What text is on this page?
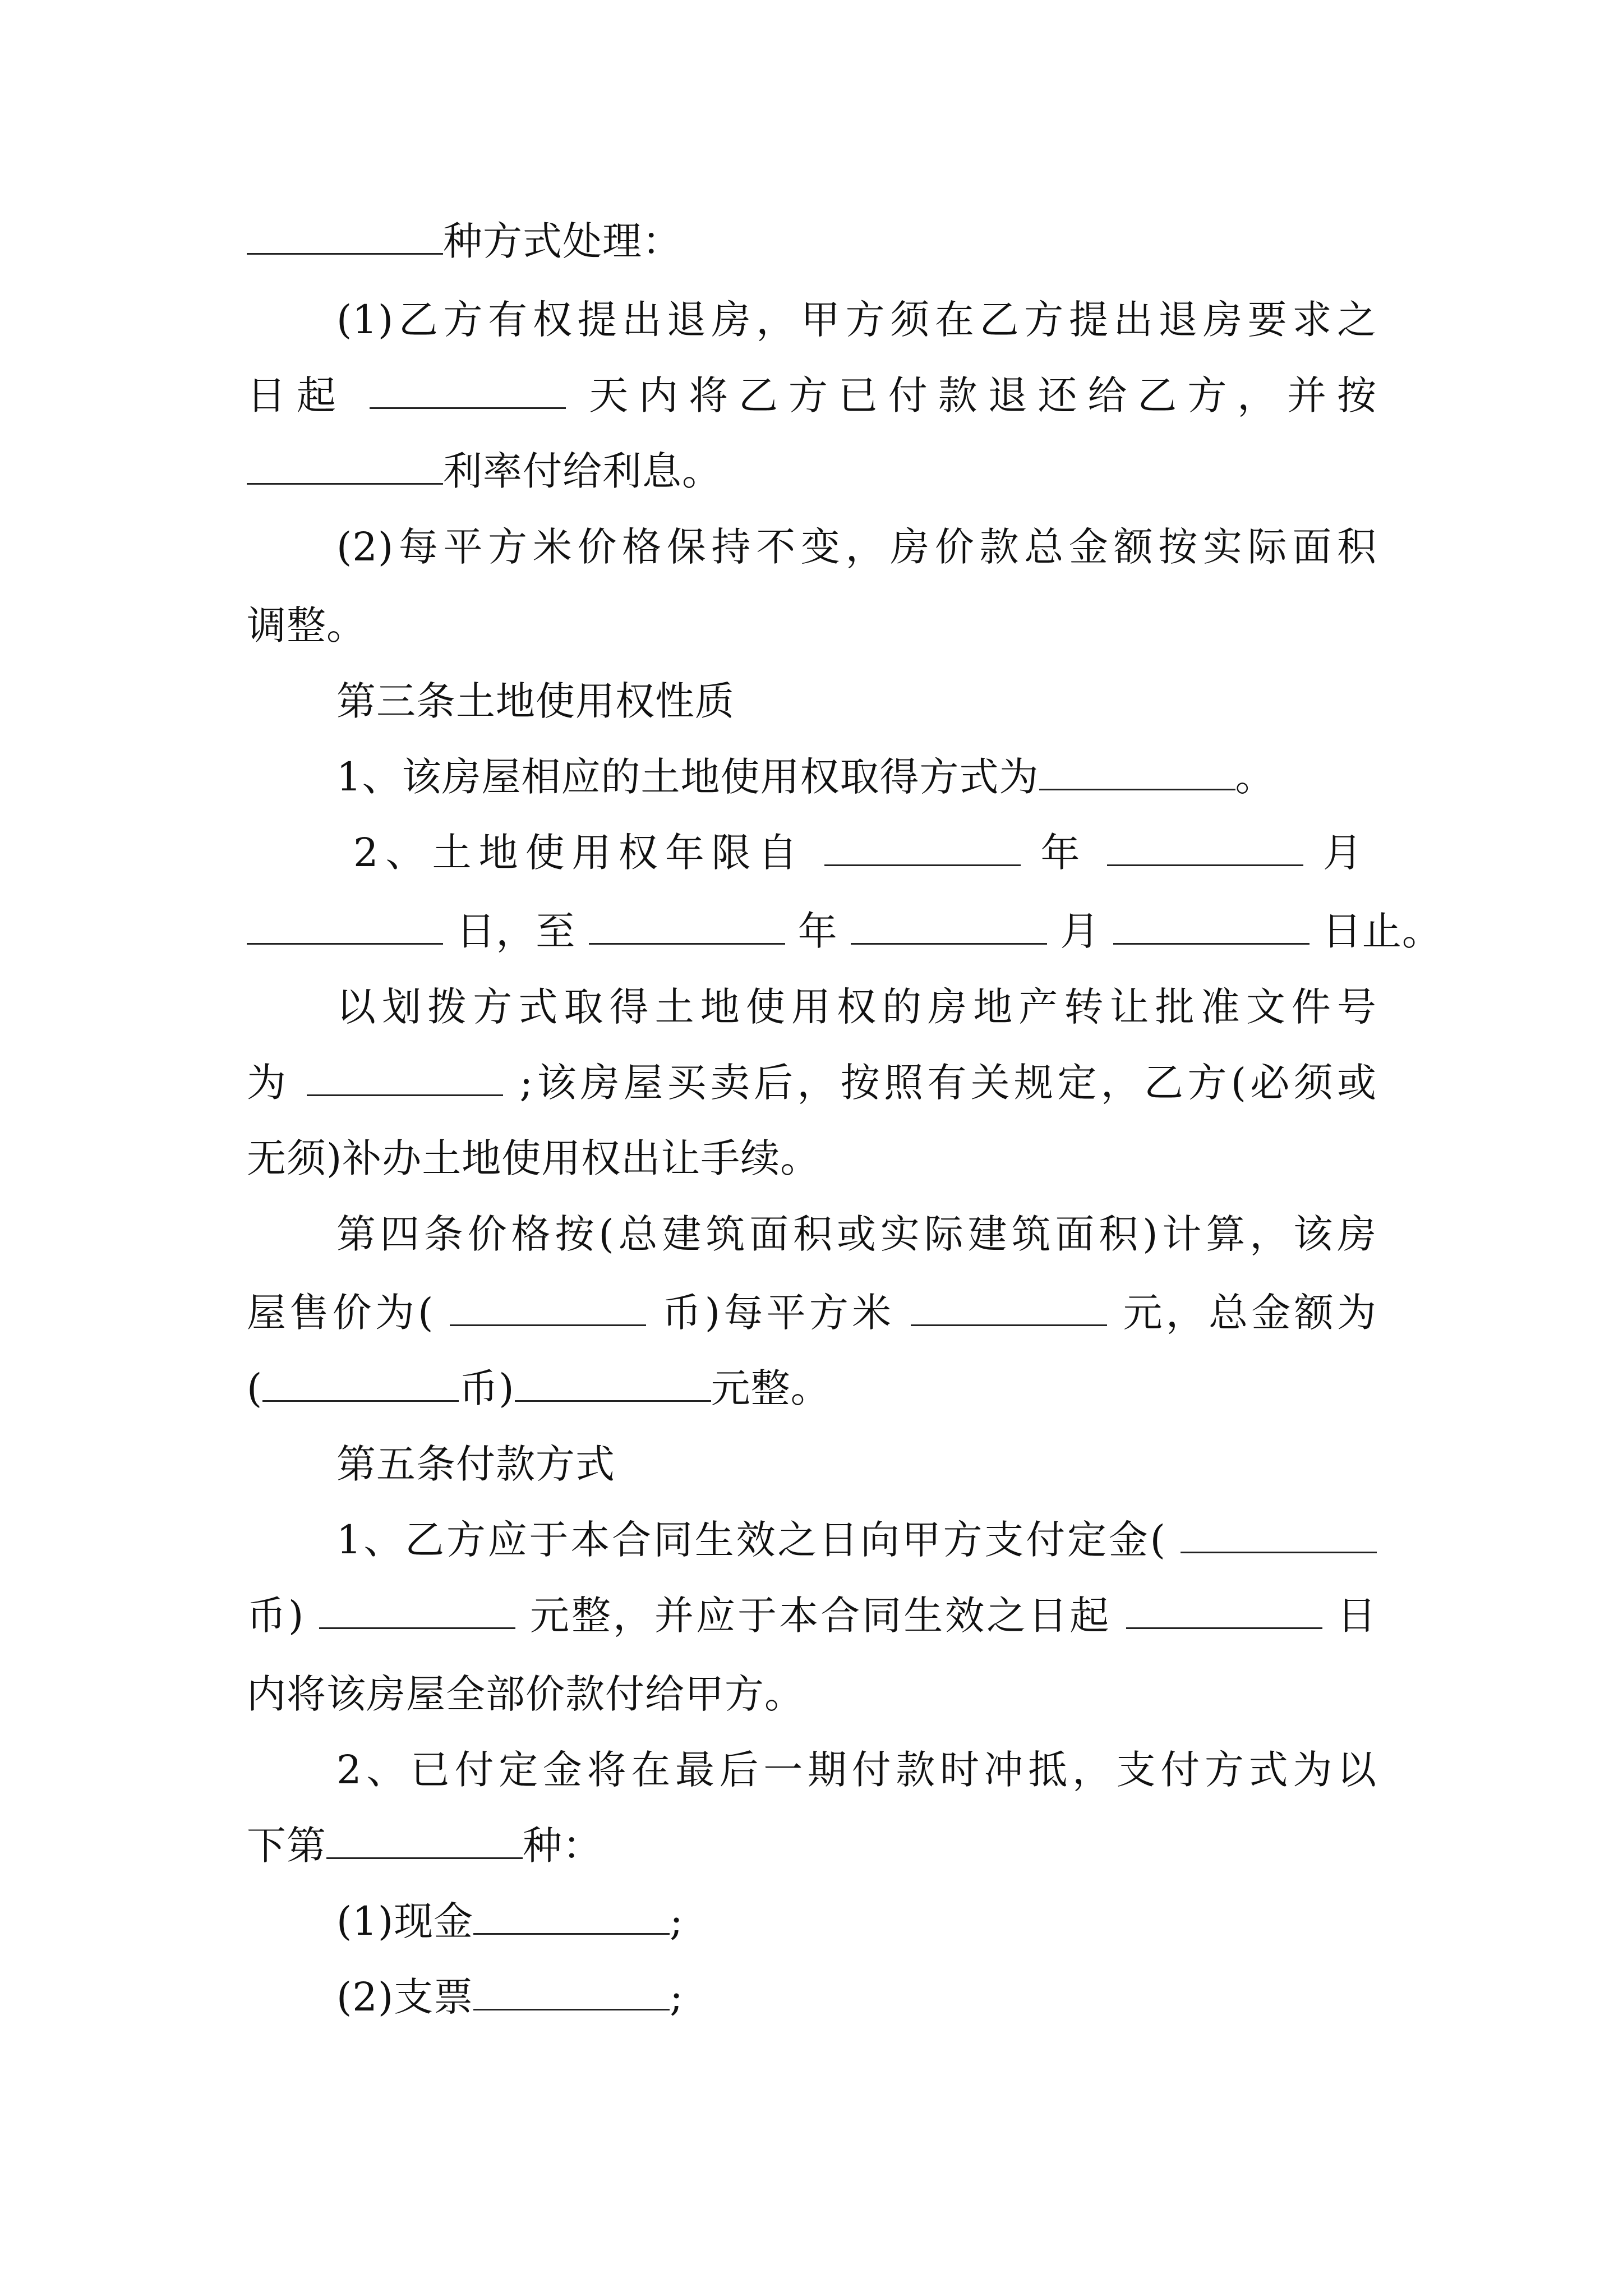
种方式处理：
(1)乙方有权提出退房，甲方须在乙方提出退房要求之
日起	天内将乙方已付款退还给乙方，并按
利率付给利息。
(2)每平方米价格保持不变，房价款总金额按实际面积
调整。
第三条土地使用权性质
1、该房屋相应的土地使用权取得方式为	。
2、土地使用权年限自	年	月
日，至	年	月	日止。
以划拨方式取得土地使用权的房地产转让批准文件号
为	;该房屋买卖后，按照有关规定，乙方(必须或
无须)补办土地使用权出让手续。
第四条价格按(总建筑面积或实际建筑面积)计算，该房
屋售价为(	币)每平方米	元，总金额为
(	币)	元整。
第五条付款方式
1、乙方应于本合同生效之日向甲方支付定金(
币)	元整，并应于本合同生效之日起	日
内将该房屋全部价款付给甲方。
2、已付定金将在最后一期付款时冲抵，支付方式为以
下第	种：
(1)现金	;
(2)支票	;
